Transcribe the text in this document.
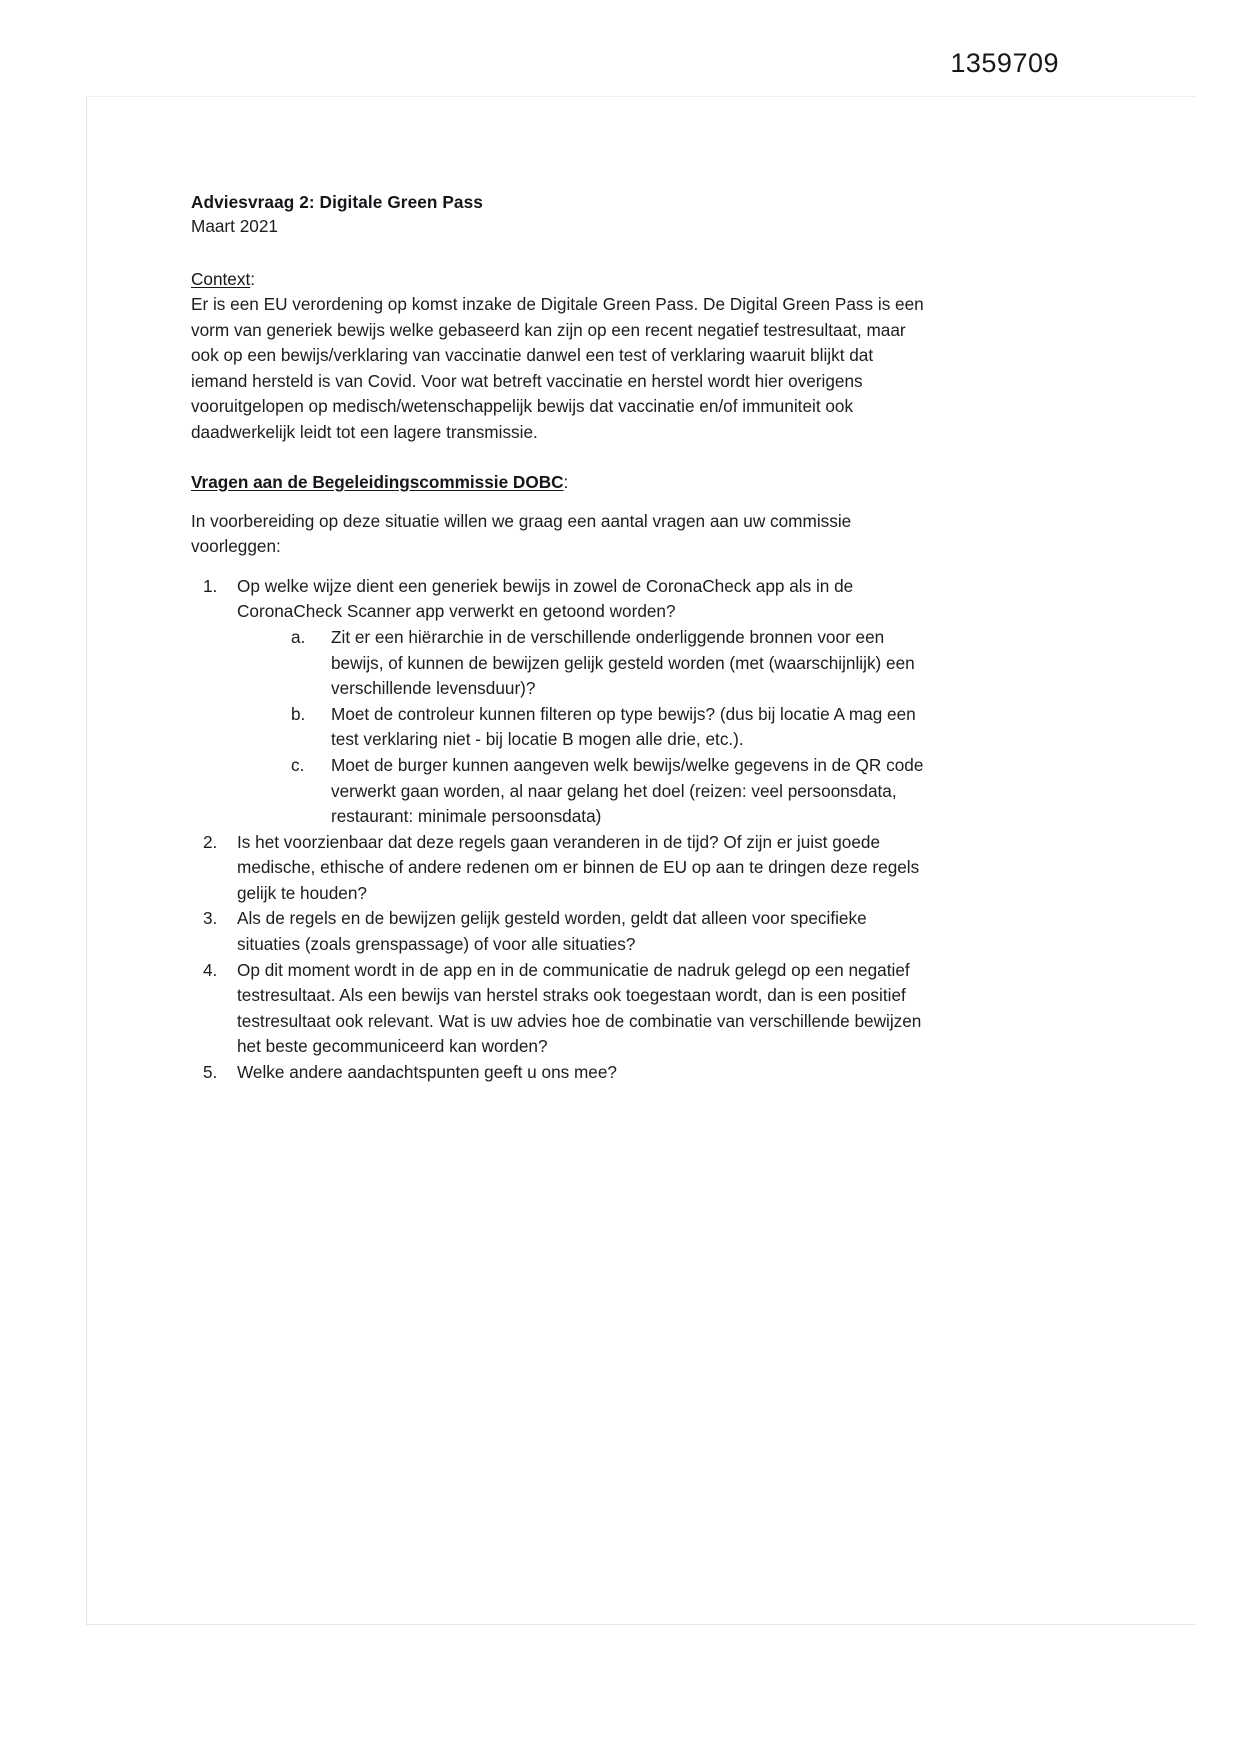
1359709
Adviesvraag 2: Digitale Green Pass
Maart 2021
Context:
Er is een EU verordening op komst inzake de Digitale Green Pass. De Digital Green Pass is een vorm van generiek bewijs welke gebaseerd kan zijn op een recent negatief testresultaat, maar ook op een bewijs/verklaring van vaccinatie danwel een test of verklaring waaruit blijkt dat iemand hersteld is van Covid. Voor wat betreft vaccinatie en herstel wordt hier overigens vooruitgelopen op medisch/wetenschappelijk bewijs dat vaccinatie en/of immuniteit ook daadwerkelijk leidt tot een lagere transmissie.
Vragen aan de Begeleidingscommissie DOBC:
In voorbereiding op deze situatie willen we graag een aantal vragen aan uw commissie voorleggen:
1.	Op welke wijze dient een generiek bewijs in zowel de CoronaCheck app als in de CoronaCheck Scanner app verwerkt en getoond worden?
a.	Zit er een hiërarchie in de verschillende onderliggende bronnen voor een bewijs, of kunnen de bewijzen gelijk gesteld worden (met (waarschijnlijk) een verschillende levensduur)?
b.	Moet de controleur kunnen filteren op type bewijs? (dus bij locatie A mag een test verklaring niet - bij locatie B mogen alle drie, etc.).
c.	Moet de burger kunnen aangeven welk bewijs/welke gegevens in de QR code verwerkt gaan worden, al naar gelang het doel (reizen: veel persoonsdata, restaurant: minimale persoonsdata)
2.	Is het voorzienbaar dat deze regels gaan veranderen in de tijd? Of zijn er juist goede medische, ethische of andere redenen om er binnen de EU op aan te dringen deze regels gelijk te houden?
3.	Als de regels en de bewijzen gelijk gesteld worden, geldt dat alleen voor specifieke situaties (zoals grenspassage) of voor alle situaties?
4.	Op dit moment wordt in de app en in de communicatie de nadruk gelegd op een negatief testresultaat. Als een bewijs van herstel straks ook toegestaan wordt, dan is een positief testresultaat ook relevant. Wat is uw advies hoe de combinatie van verschillende bewijzen het beste gecommuniceerd kan worden?
5.	Welke andere aandachtspunten geeft u ons mee?
